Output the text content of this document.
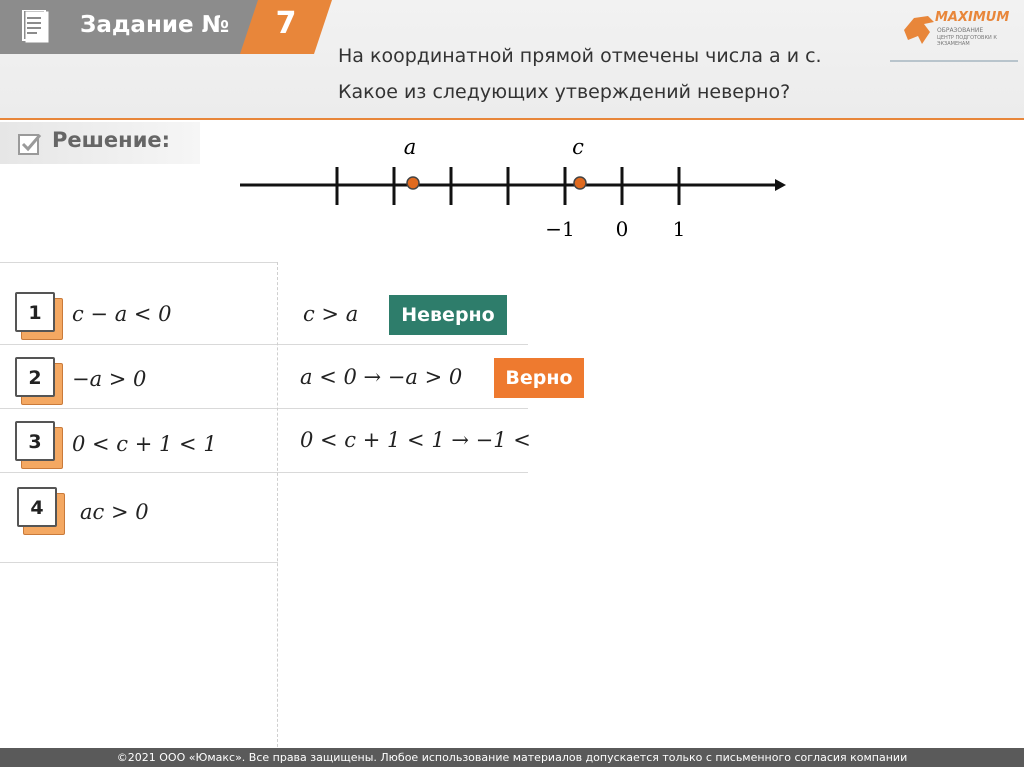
Задание №	7
На координатной прямой отмечены числа а и с.
Какое из следующих утверждений неверно?
MAXIMUM
ОБРАЗОВАНИЕ
ЦЕНТР ПОДГОТОВКИ К ЭКЗАМЕНАМ
Решение:	a	c
−1 0 1
1	c − a < 0
2	−a > 0
3	0 < c + 1 < 1
4	ac > 0
c > a	Неверно
a < 0 → −a > 0	Верно
0 < c + 1 < 1 → −1 <
©2021 ООО «Юмакс». Все права защищены. Любое использование материалов допускается только с письменного согласия компании
